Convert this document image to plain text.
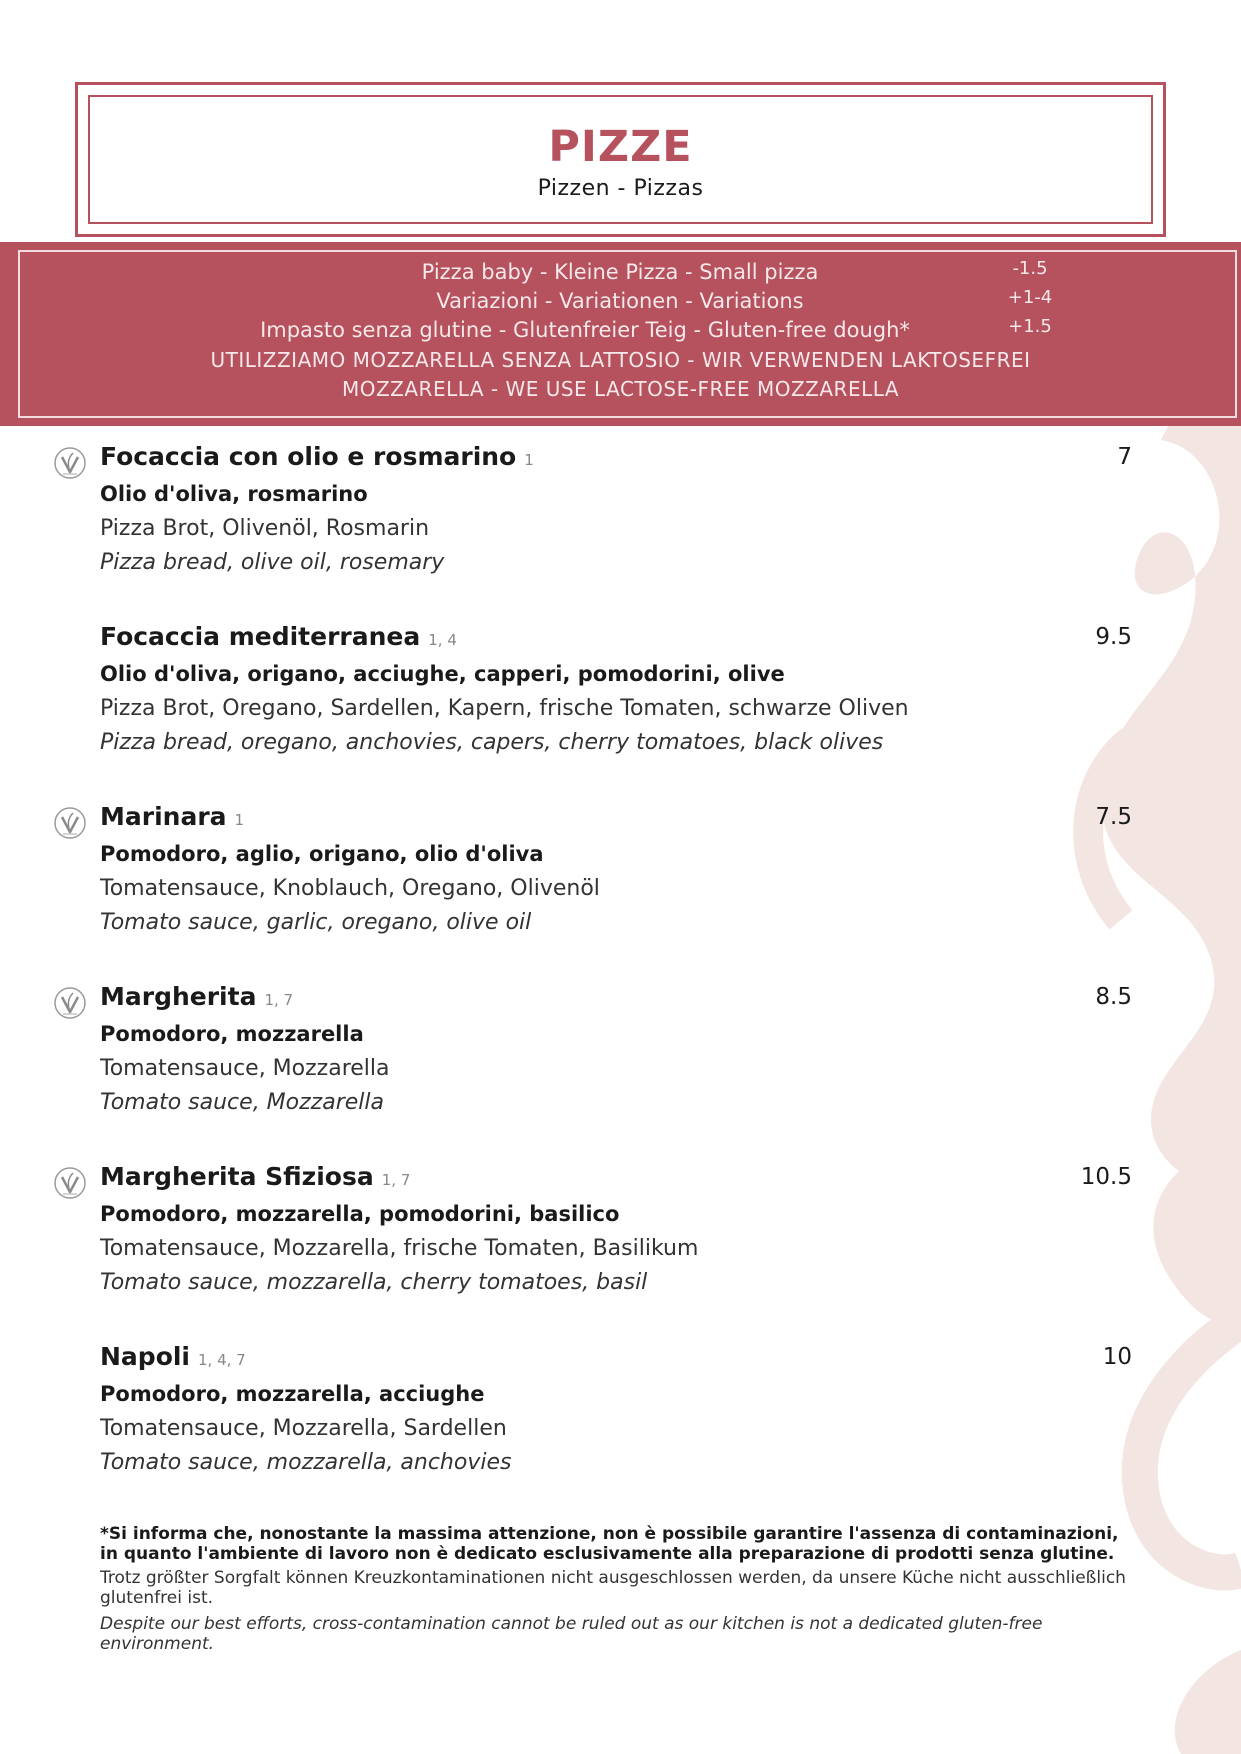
PIZZE
Pizzen - Pizzas
Pizza baby - Kleine Pizza - Small pizza	-1.5
Variazioni - Variationen - Variations	+1-4
Impasto senza glutine - Glutenfreier Teig - Gluten-free dough*	+1.5
UTILIZZIAMO MOZZARELLA SENZA LATTOSIO - WIR VERWENDEN LAKTOSEFREI
MOZZARELLA - WE USE LACTOSE-FREE MOZZARELLA
Focaccia con olio e rosmarino 1	7
Olio d'oliva, rosmarino
Pizza Brot, Olivenöl, Rosmarin
Pizza bread, olive oil, rosemary
Focaccia mediterranea 1, 4	9.5
Olio d'oliva, origano, acciughe, capperi, pomodorini, olive
Pizza Brot, Oregano, Sardellen, Kapern, frische Tomaten, schwarze Oliven
Pizza bread, oregano, anchovies, capers, cherry tomatoes, black olives
Marinara 1	7.5
Pomodoro, aglio, origano, olio d'oliva
Tomatensauce, Knoblauch, Oregano, Olivenöl
Tomato sauce, garlic, oregano, olive oil
Margherita 1, 7	8.5
Pomodoro, mozzarella
Tomatensauce, Mozzarella
Tomato sauce, Mozzarella
Margherita Sfiziosa 1, 7	10.5
Pomodoro, mozzarella, pomodorini, basilico
Tomatensauce, Mozzarella, frische Tomaten, Basilikum
Tomato sauce, mozzarella, cherry tomatoes, basil
Napoli 1, 4, 7	10
Pomodoro, mozzarella, acciughe
Tomatensauce, Mozzarella, Sardellen
Tomato sauce, mozzarella, anchovies

*Si informa che, nonostante la massima attenzione, non è possibile garantire l'assenza di contaminazioni, in quanto l'ambiente di lavoro non è dedicato esclusivamente alla preparazione di prodotti senza glutine.

Trotz größter Sorgfalt können Kreuzkontaminationen nicht ausgeschlossen werden, da unsere Küche nicht ausschließlich glutenfrei ist.

Despite our best efforts, cross-contamination cannot be ruled out as our kitchen is not a dedicated gluten-free environment.
